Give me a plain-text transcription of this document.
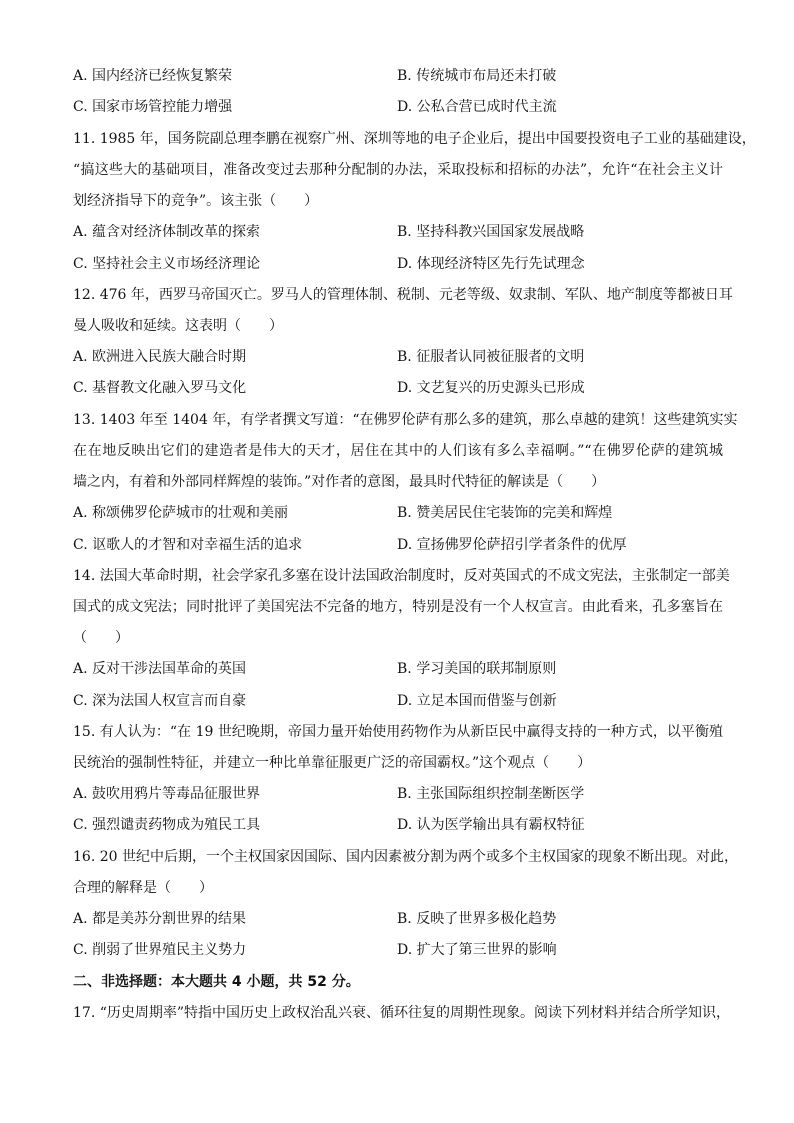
A. 国内经济已经恢复繁荣	B. 传统城市布局还未打破
C. 国家市场管控能力增强	D. 公私合营已成时代主流
11. 1985 年，国务院副总理李鹏在视察广州、深圳等地的电子企业后，提出中国要投资电子工业的基础建设，
“搞这些大的基础项目，准备改变过去那种分配制的办法，采取投标和招标的办法”，允许“在社会主义计
划经济指导下的竞争”。该主张（　　）
A. 蕴含对经济体制改革的探索	B. 坚持科教兴国国家发展战略
C. 坚持社会主义市场经济理论	D. 体现经济特区先行先试理念
12. 476 年，西罗马帝国灭亡。罗马人的管理体制、税制、元老等级、奴隶制、军队、地产制度等都被日耳
曼人吸收和延续。这表明（　　）
A. 欧洲进入民族大融合时期	B. 征服者认同被征服者的文明
C. 基督教文化融入罗马文化	D. 文艺复兴的历史源头已形成
13. 1403 年至 1404 年，有学者撰文写道：“在佛罗伦萨有那么多的建筑，那么卓越的建筑！这些建筑实实
在在地反映出它们的建造者是伟大的天才，居住在其中的人们该有多么幸福啊。”“在佛罗伦萨的建筑城
墙之内，有着和外部同样辉煌的装饰。”对作者的意图，最具时代特征的解读是（　　）
A. 称颂佛罗伦萨城市的壮观和美丽	B. 赞美居民住宅装饰的完美和辉煌
C. 讴歌人的才智和对幸福生活的追求	D. 宣扬佛罗伦萨招引学者条件的优厚
14. 法国大革命时期，社会学家孔多塞在设计法国政治制度时，反对英国式的不成文宪法，主张制定一部美
国式的成文宪法；同时批评了美国宪法不完备的地方，特别是没有一个人权宣言。由此看来，孔多塞旨在
（　　）
A. 反对干涉法国革命的英国	B. 学习美国的联邦制原则
C. 深为法国人权宣言而自豪	D. 立足本国而借鉴与创新
15. 有人认为：“在 19 世纪晚期，帝国力量开始使用药物作为从新臣民中赢得支持的一种方式，以平衡殖
民统治的强制性特征，并建立一种比单靠征服更广泛的帝国霸权。”这个观点（　　）
A. 鼓吹用鸦片等毒品征服世界	B. 主张国际组织控制垄断医学
C. 强烈谴责药物成为殖民工具	D. 认为医学输出具有霸权特征
16. 20 世纪中后期，一个主权国家因国际、国内因素被分割为两个或多个主权国家的现象不断出现。对此，
合理的解释是（　　）
A. 都是美苏分割世界的结果	B. 反映了世界多极化趋势
C. 削弱了世界殖民主义势力	D. 扩大了第三世界的影响
二、非选择题：本大题共 4 小题，共 52 分。
17. “历史周期率”特指中国历史上政权治乱兴衰、循环往复的周期性现象。阅读下列材料并结合所学知识，
